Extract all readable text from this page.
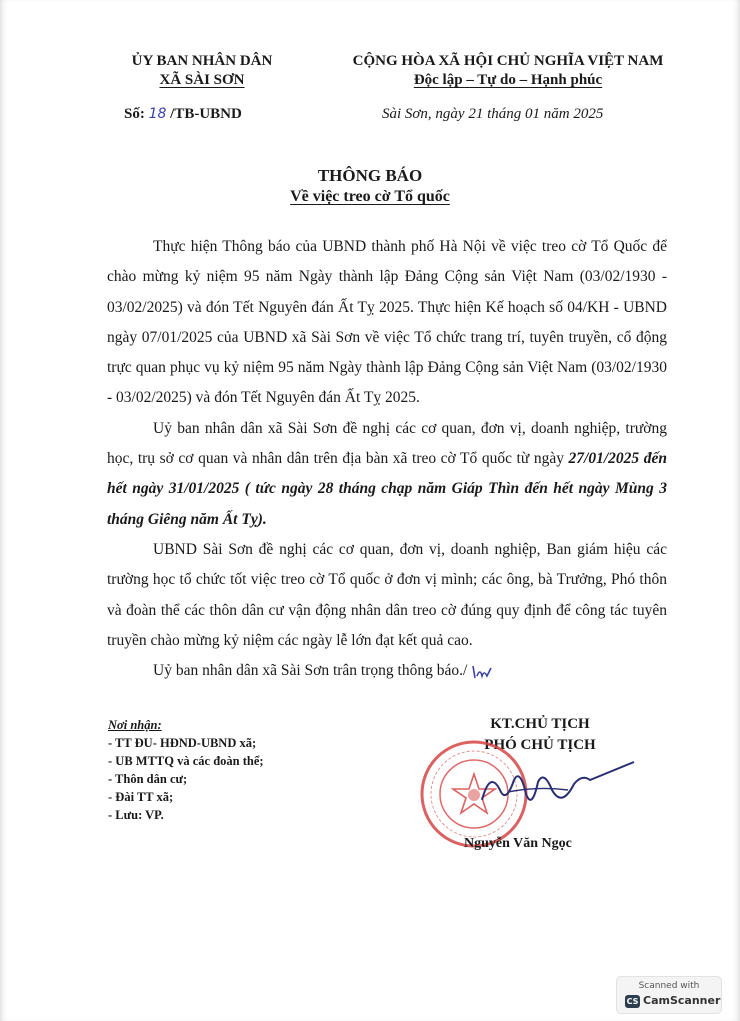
ỦY BAN NHÂN DÂN
XÃ SÀI SƠN
CỘNG HÒA XÃ HỘI CHỦ NGHĨA VIỆT NAM
Độc lập – Tự do – Hạnh phúc
Số: 18 /TB-UBND	Sài Sơn, ngày 21 tháng 01 năm 2025
THÔNG BÁO
Về việc treo cờ Tổ quốc

Thực hiện Thông báo của UBND thành phố Hà Nội về việc treo cờ Tổ Quốc để chào mừng kỷ niệm 95 năm Ngày thành lập Đảng Cộng sản Việt Nam (03/02/1930 - 03/02/2025) và đón Tết Nguyên đán Ất Tỵ 2025. Thực hiện Kế hoạch số 04/KH - UBND ngày 07/01/2025 của UBND xã Sài Sơn về việc Tổ chức trang trí, tuyên truyền, cổ động trực quan phục vụ kỷ niệm 95 năm Ngày thành lập Đảng Cộng sản Việt Nam (03/02/1930 - 03/02/2025) và đón Tết Nguyên đán Ất Tỵ 2025.

Uỷ ban nhân dân xã Sài Sơn đề nghị các cơ quan, đơn vị, doanh nghiệp, trường học, trụ sở cơ quan và nhân dân trên địa bàn xã treo cờ Tổ quốc từ ngày 27/01/2025 đến hết ngày 31/01/2025 ( tức ngày 28 tháng chạp năm Giáp Thìn đến hết ngày Mùng 3 tháng Giêng năm Ất Tỵ).

UBND Sài Sơn đề nghị các cơ quan, đơn vị, doanh nghiệp, Ban giám hiệu các trường học tổ chức tốt việc treo cờ Tổ quốc ở đơn vị mình; các ông, bà Trưởng, Phó thôn và đoàn thể các thôn dân cư vận động nhân dân treo cờ đúng quy định để công tác tuyên truyền chào mừng kỷ niệm các ngày lễ lớn đạt kết quả cao.

Uỷ ban nhân dân xã Sài Sơn trân trọng thông báo./

Nơi nhận:
- TT ĐU- HĐND-UBND xã;
- UB MTTQ và các đoàn thể;
- Thôn dân cư;
- Đài TT xã;
- Lưu: VP.
KT.CHỦ TỊCH
PHÓ CHỦ TỊCH
Nguyễn Văn Ngọc
Scanned with
CS CamScanner
